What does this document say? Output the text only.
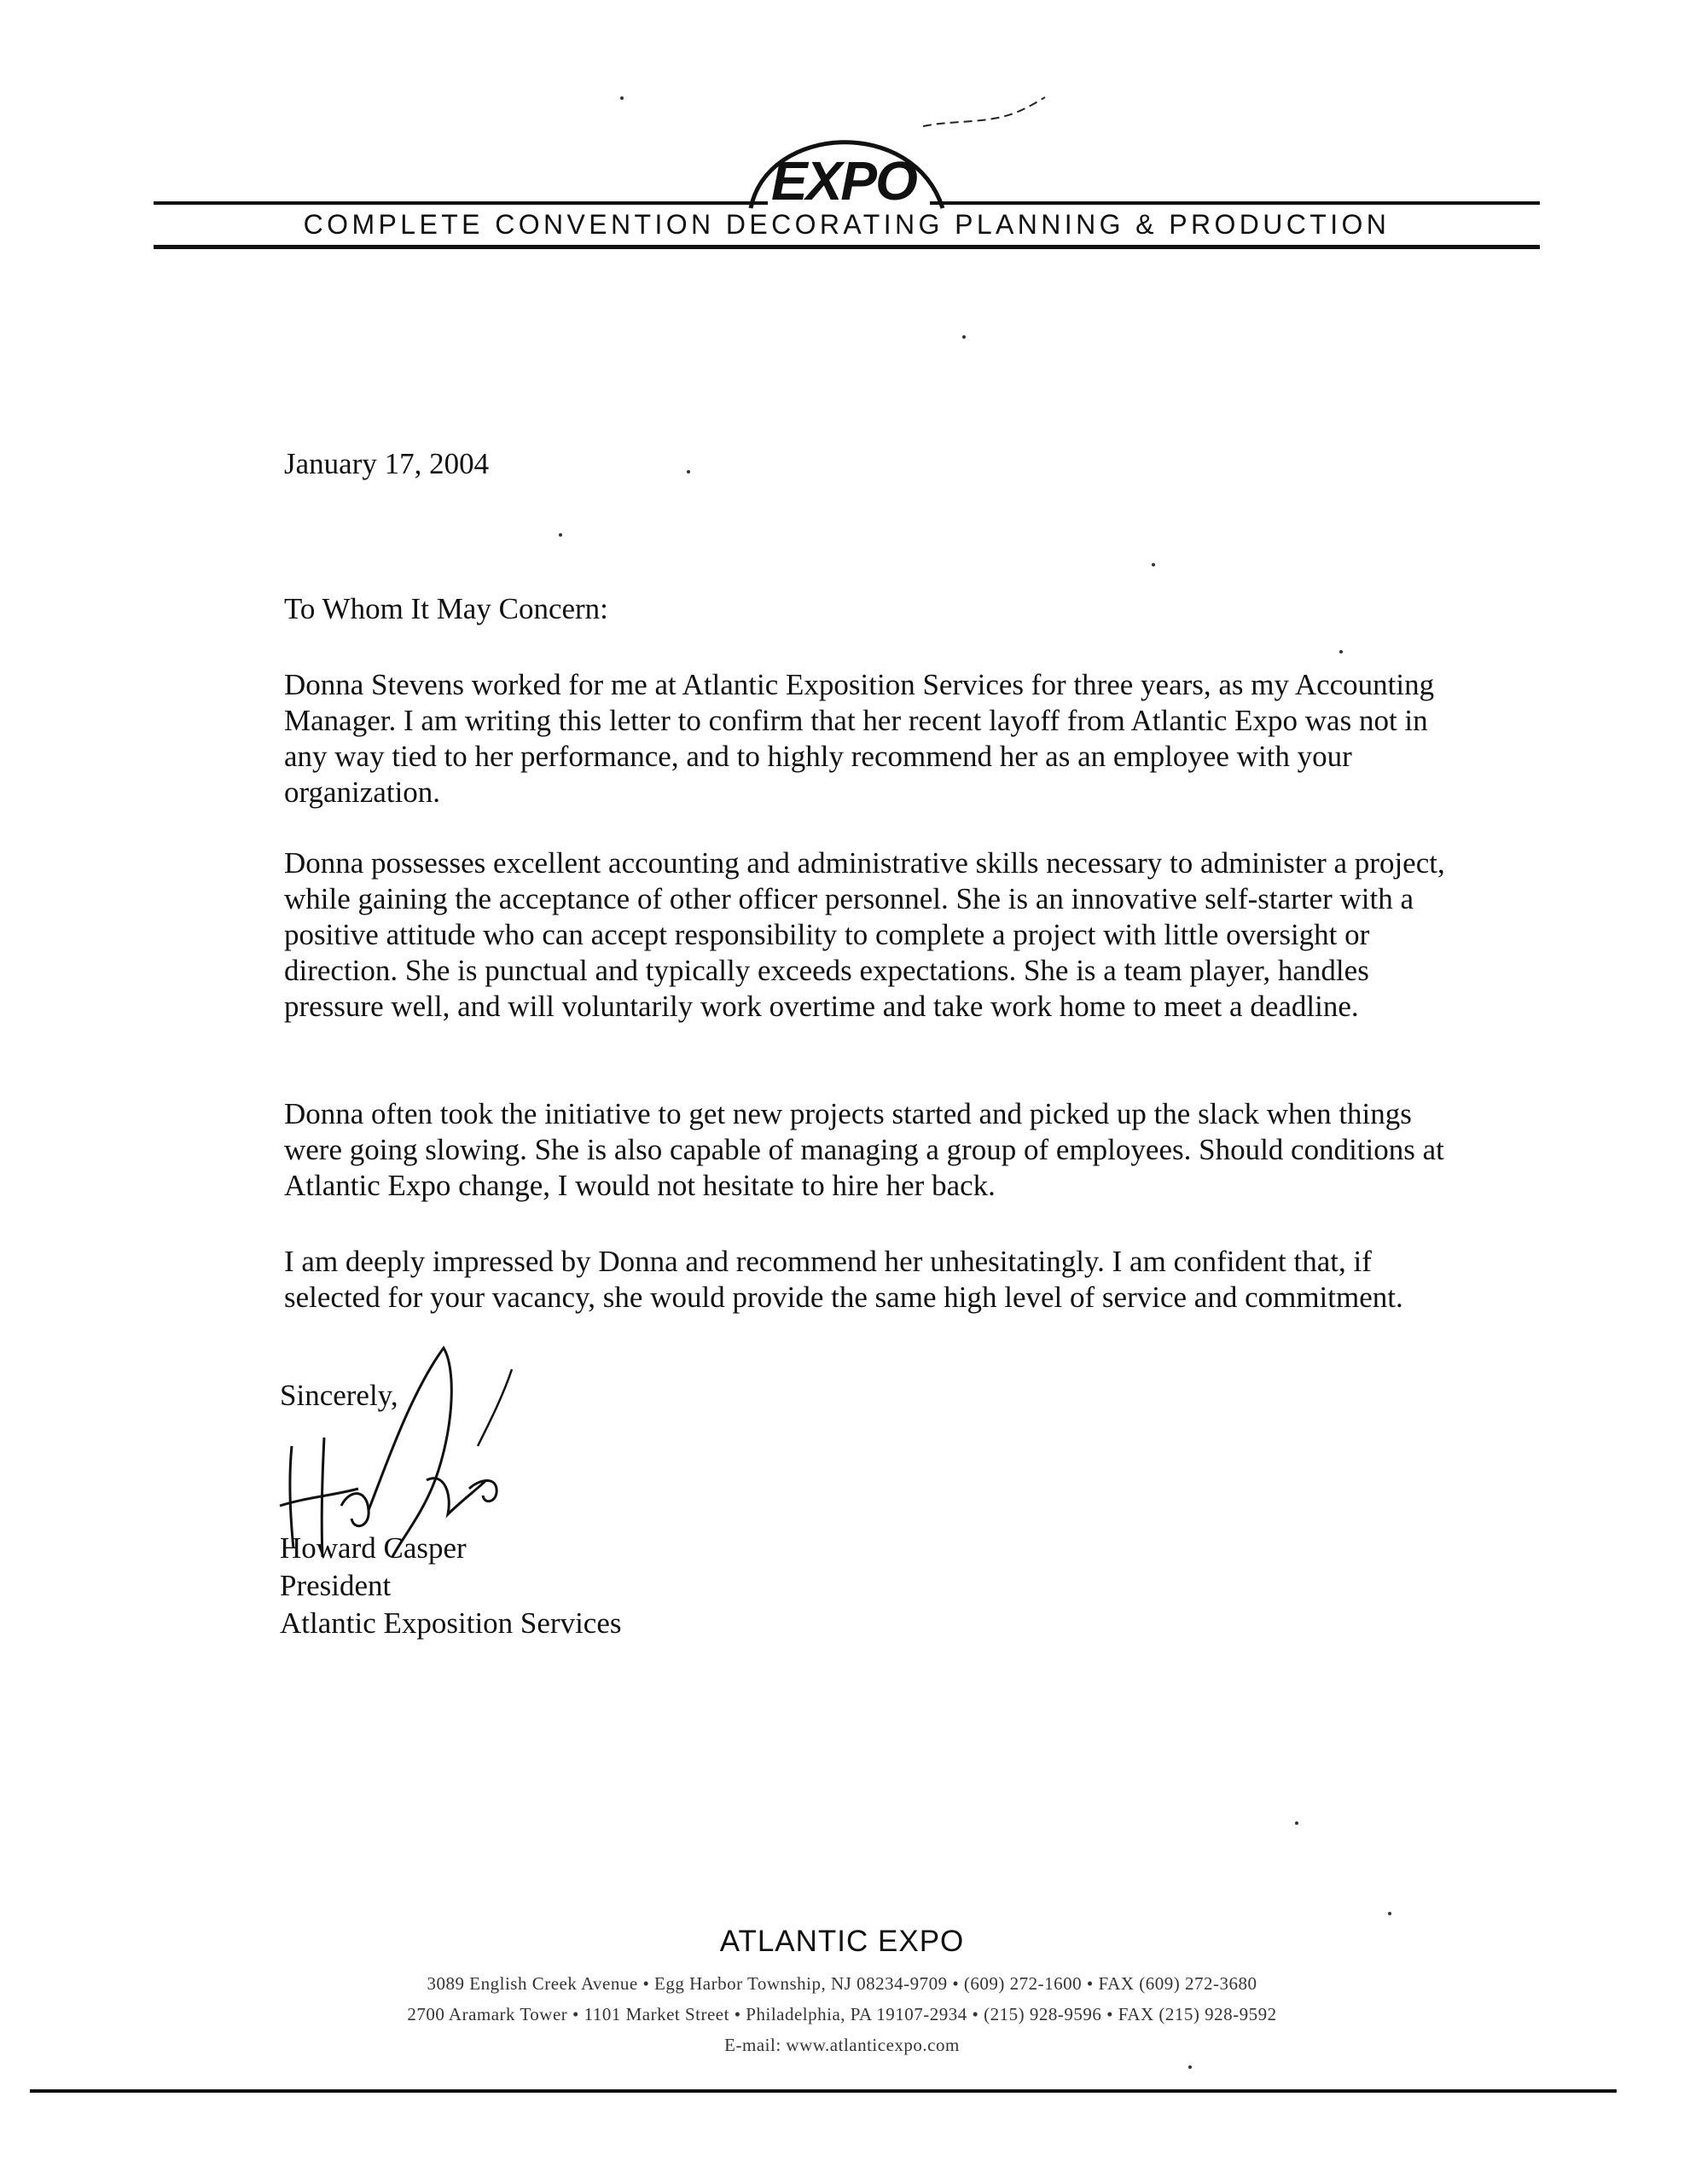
EXPO
COMPLETE CONVENTION DECORATING PLANNING & PRODUCTION
January 17, 2004
To Whom It May Concern:
Donna Stevens worked for me at Atlantic Exposition Services for three years, as my Accounting Manager. I am writing this letter to confirm that her recent layoff from Atlantic Expo was not in any way tied to her performance, and to highly recommend her as an employee with your organization.
Donna possesses excellent accounting and administrative skills necessary to administer a project, while gaining the acceptance of other officer personnel. She is an innovative self-starter with a positive attitude who can accept responsibility to complete a project with little oversight or direction. She is punctual and typically exceeds expectations. She is a team player, handles pressure well, and will voluntarily work overtime and take work home to meet a deadline.
Donna often took the initiative to get new projects started and picked up the slack when things were going slowing. She is also capable of managing a group of employees. Should conditions at Atlantic Expo change, I would not hesitate to hire her back.
I am deeply impressed by Donna and recommend her unhesitatingly. I am confident that, if selected for your vacancy, she would provide the same high level of service and commitment.
Sincerely,
Howard Casper
President
Atlantic Exposition Services
ATLANTIC EXPO
3089 English Creek Avenue • Egg Harbor Township, NJ 08234-9709 • (609) 272-1600 • FAX (609) 272-3680
2700 Aramark Tower • 1101 Market Street • Philadelphia, PA 19107-2934 • (215) 928-9596 • FAX (215) 928-9592
E-mail: www.atlanticexpo.com
